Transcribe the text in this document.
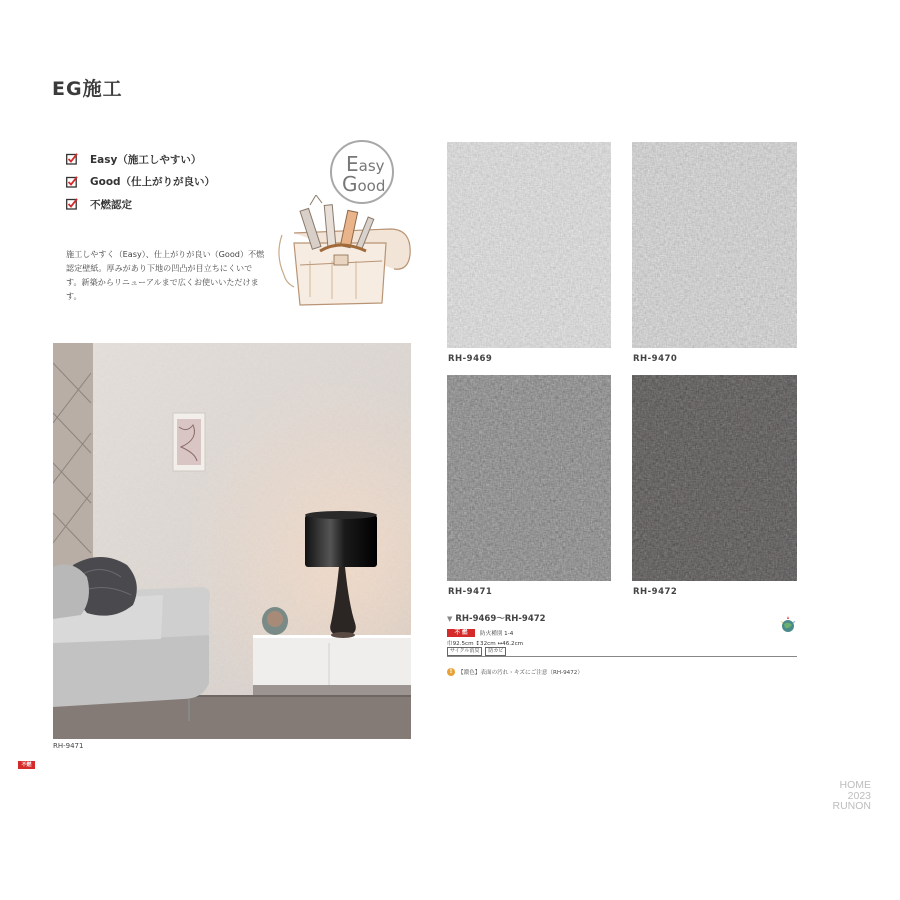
EG施工
Easy（施工しやすい）
Good（仕上がりが良い）
不燃認定
施工しやすく（Easy）、仕上がりが良い（Good）不燃認定壁紙。厚みがあり下地の凹凸が目立ちにくいです。新築からリニューアルまで広くお使いいただけます。
Easy
Good
RH-9471
RH-9469	RH-9470
RH-9471	RH-9472
▼ RH-9469～RH-9472
不 燃	防火種別 1-4
巾92.5cm ↕32cm ↔46.2cm
サイクル消臭	防カビ
!	【濃色】表面の汚れ・キズにご注意（RH-9472）
不燃
HOME
2023
RUNON
